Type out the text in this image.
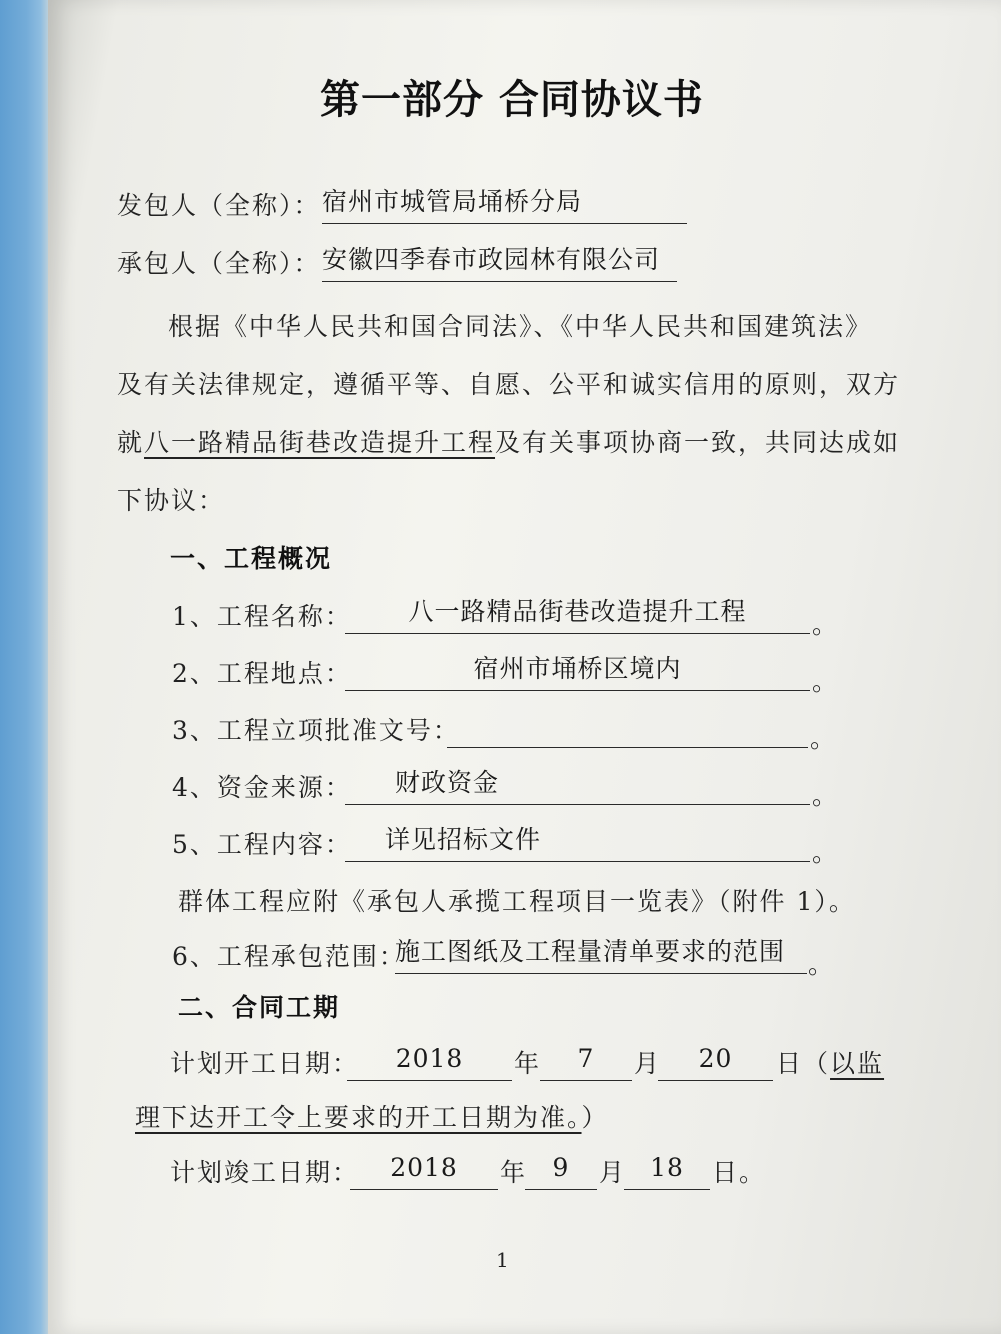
第一部分 合同协议书
发包人（全称）： 宿州市城管局埇桥分局
承包人（全称）： 安徽四季春市政园林有限公司
根据《中华人民共和国合同法》、《中华人民共和国建筑法》
及有关法律规定，遵循平等、自愿、公平和诚实信用的原则，双方
就八一路精品街巷改造提升工程及有关事项协商一致，共同达成如
下协议：
一、工程概况
1、工程名称：	八一路精品街巷改造提升工程	。
2、工程地点：	宿州市埇桥区境内	。
3、工程立项批准文号：	。
4、资金来源：	财政资金	。
5、工程内容：	详见招标文件	。
群体工程应附《承包人承揽工程项目一览表》（附件 1）。
6、工程承包范围：
施工图纸及工程量清单要求的范围 。
二、合同工期
计划开工日期：	2018	年	7	月	20	日（以监
理下达开工令上要求的开工日期为准。）
计划竣工日期：	2018	年	9	月 18	日。
1
